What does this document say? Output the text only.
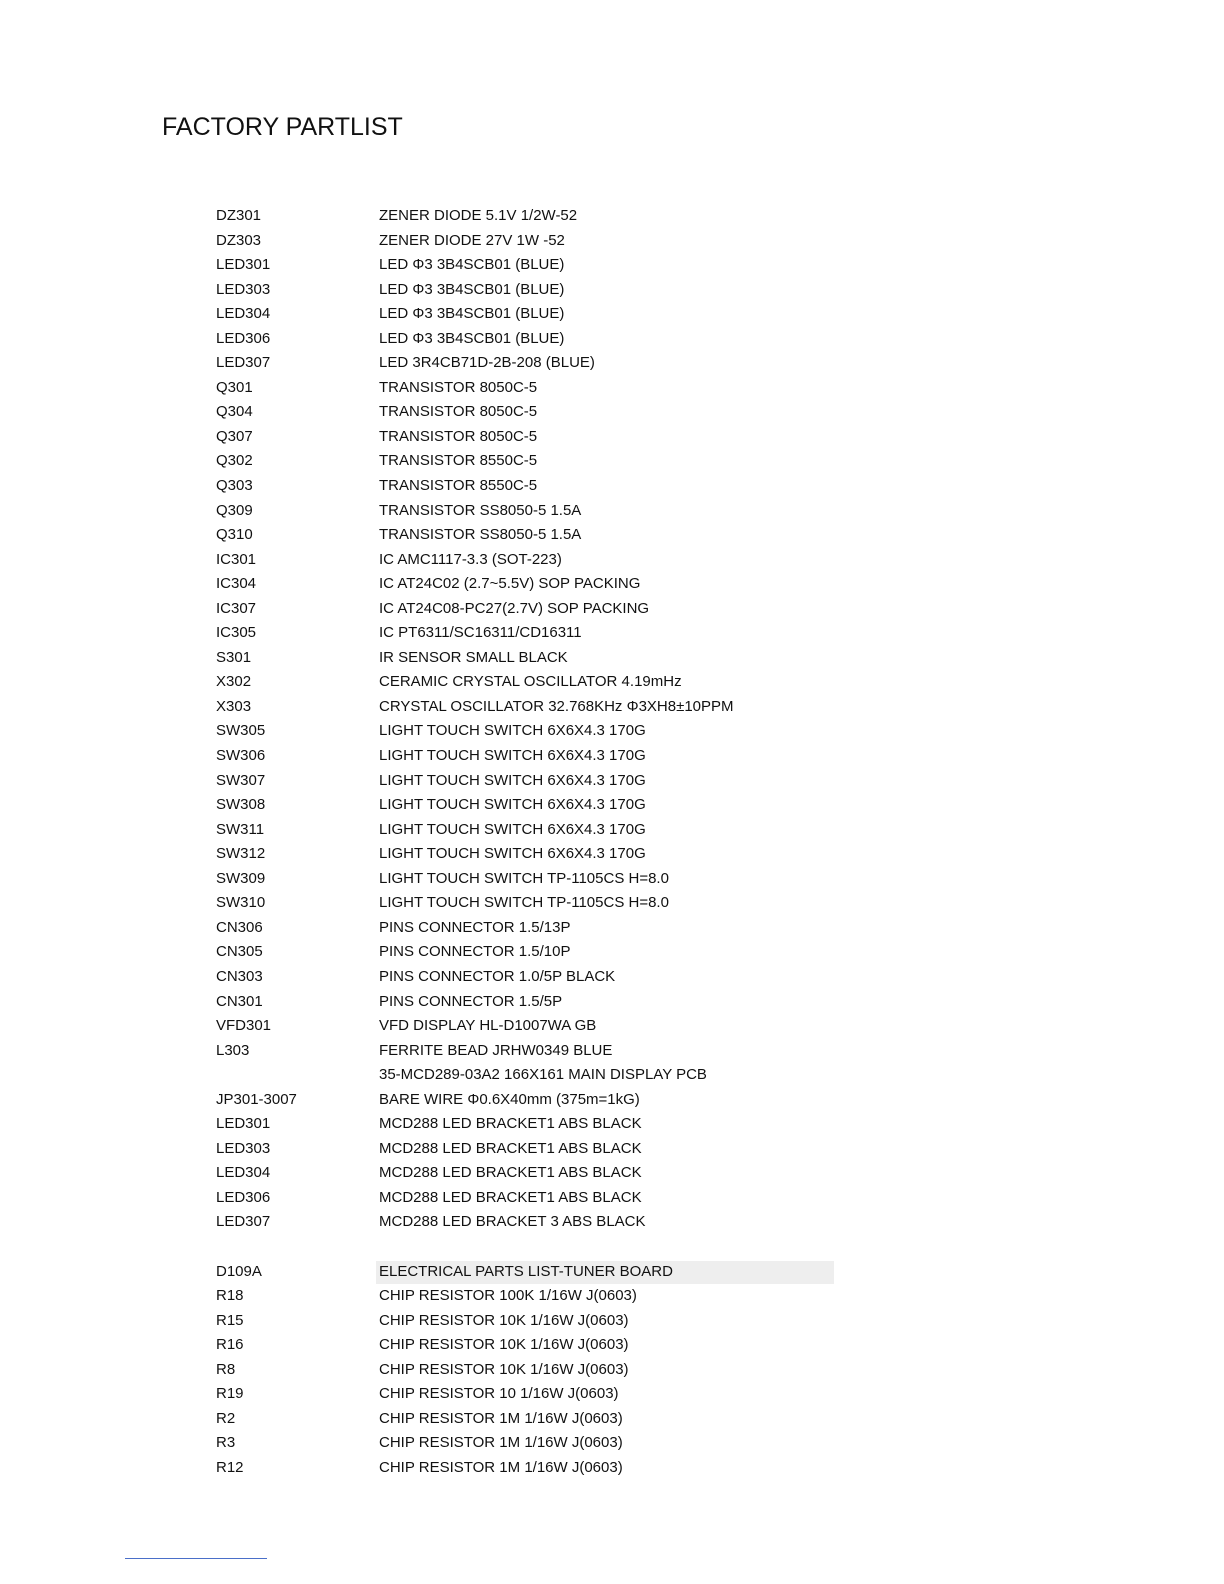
FACTORY PARTLIST
DZ301	ZENER DIODE 5.1V 1/2W-52
DZ303	ZENER DIODE 27V 1W -52
LED301	LED Φ3 3B4SCB01 (BLUE)
LED303	LED Φ3 3B4SCB01 (BLUE)
LED304	LED Φ3 3B4SCB01 (BLUE)
LED306	LED Φ3 3B4SCB01 (BLUE)
LED307	LED 3R4CB71D-2B-208 (BLUE)
Q301	TRANSISTOR 8050C-5
Q304	TRANSISTOR 8050C-5
Q307	TRANSISTOR 8050C-5
Q302	TRANSISTOR 8550C-5
Q303	TRANSISTOR 8550C-5
Q309	TRANSISTOR SS8050-5 1.5A
Q310	TRANSISTOR SS8050-5 1.5A
IC301	IC AMC1117-3.3 (SOT-223)
IC304	IC AT24C02 (2.7~5.5V) SOP PACKING
IC307	IC AT24C08-PC27(2.7V) SOP PACKING
IC305	IC PT6311/SC16311/CD16311
S301	IR SENSOR SMALL BLACK
X302	CERAMIC CRYSTAL OSCILLATOR 4.19mHz
X303	CRYSTAL OSCILLATOR 32.768KHz Φ3XH8±10PPM
SW305	LIGHT TOUCH SWITCH 6X6X4.3 170G
SW306	LIGHT TOUCH SWITCH 6X6X4.3 170G
SW307	LIGHT TOUCH SWITCH 6X6X4.3 170G
SW308	LIGHT TOUCH SWITCH 6X6X4.3 170G
SW311	LIGHT TOUCH SWITCH 6X6X4.3 170G
SW312	LIGHT TOUCH SWITCH 6X6X4.3 170G
SW309	LIGHT TOUCH SWITCH TP-1105CS H=8.0
SW310	LIGHT TOUCH SWITCH TP-1105CS H=8.0
CN306	PINS CONNECTOR 1.5/13P
CN305	PINS CONNECTOR 1.5/10P
CN303	PINS CONNECTOR 1.0/5P BLACK
CN301	PINS CONNECTOR 1.5/5P
VFD301	VFD DISPLAY HL-D1007WA GB
L303	FERRITE BEAD JRHW0349 BLUE
35-MCD289-03A2 166X161 MAIN DISPLAY PCB
JP301-3007	BARE WIRE Φ0.6X40mm (375m=1kG)
LED301	MCD288 LED BRACKET1 ABS BLACK
LED303	MCD288 LED BRACKET1 ABS BLACK
LED304	MCD288 LED BRACKET1 ABS BLACK
LED306	MCD288 LED BRACKET1 ABS BLACK
LED307	MCD288 LED BRACKET 3 ABS BLACK
D109A	ELECTRICAL PARTS LIST-TUNER BOARD
R18	CHIP RESISTOR 100K 1/16W J(0603)
R15	CHIP RESISTOR 10K 1/16W J(0603)
R16	CHIP RESISTOR 10K 1/16W J(0603)
R8	CHIP RESISTOR 10K 1/16W J(0603)
R19	CHIP RESISTOR 10 1/16W J(0603)
R2	CHIP RESISTOR 1M 1/16W J(0603)
R3	CHIP RESISTOR 1M 1/16W J(0603)
R12	CHIP RESISTOR 1M 1/16W J(0603)
